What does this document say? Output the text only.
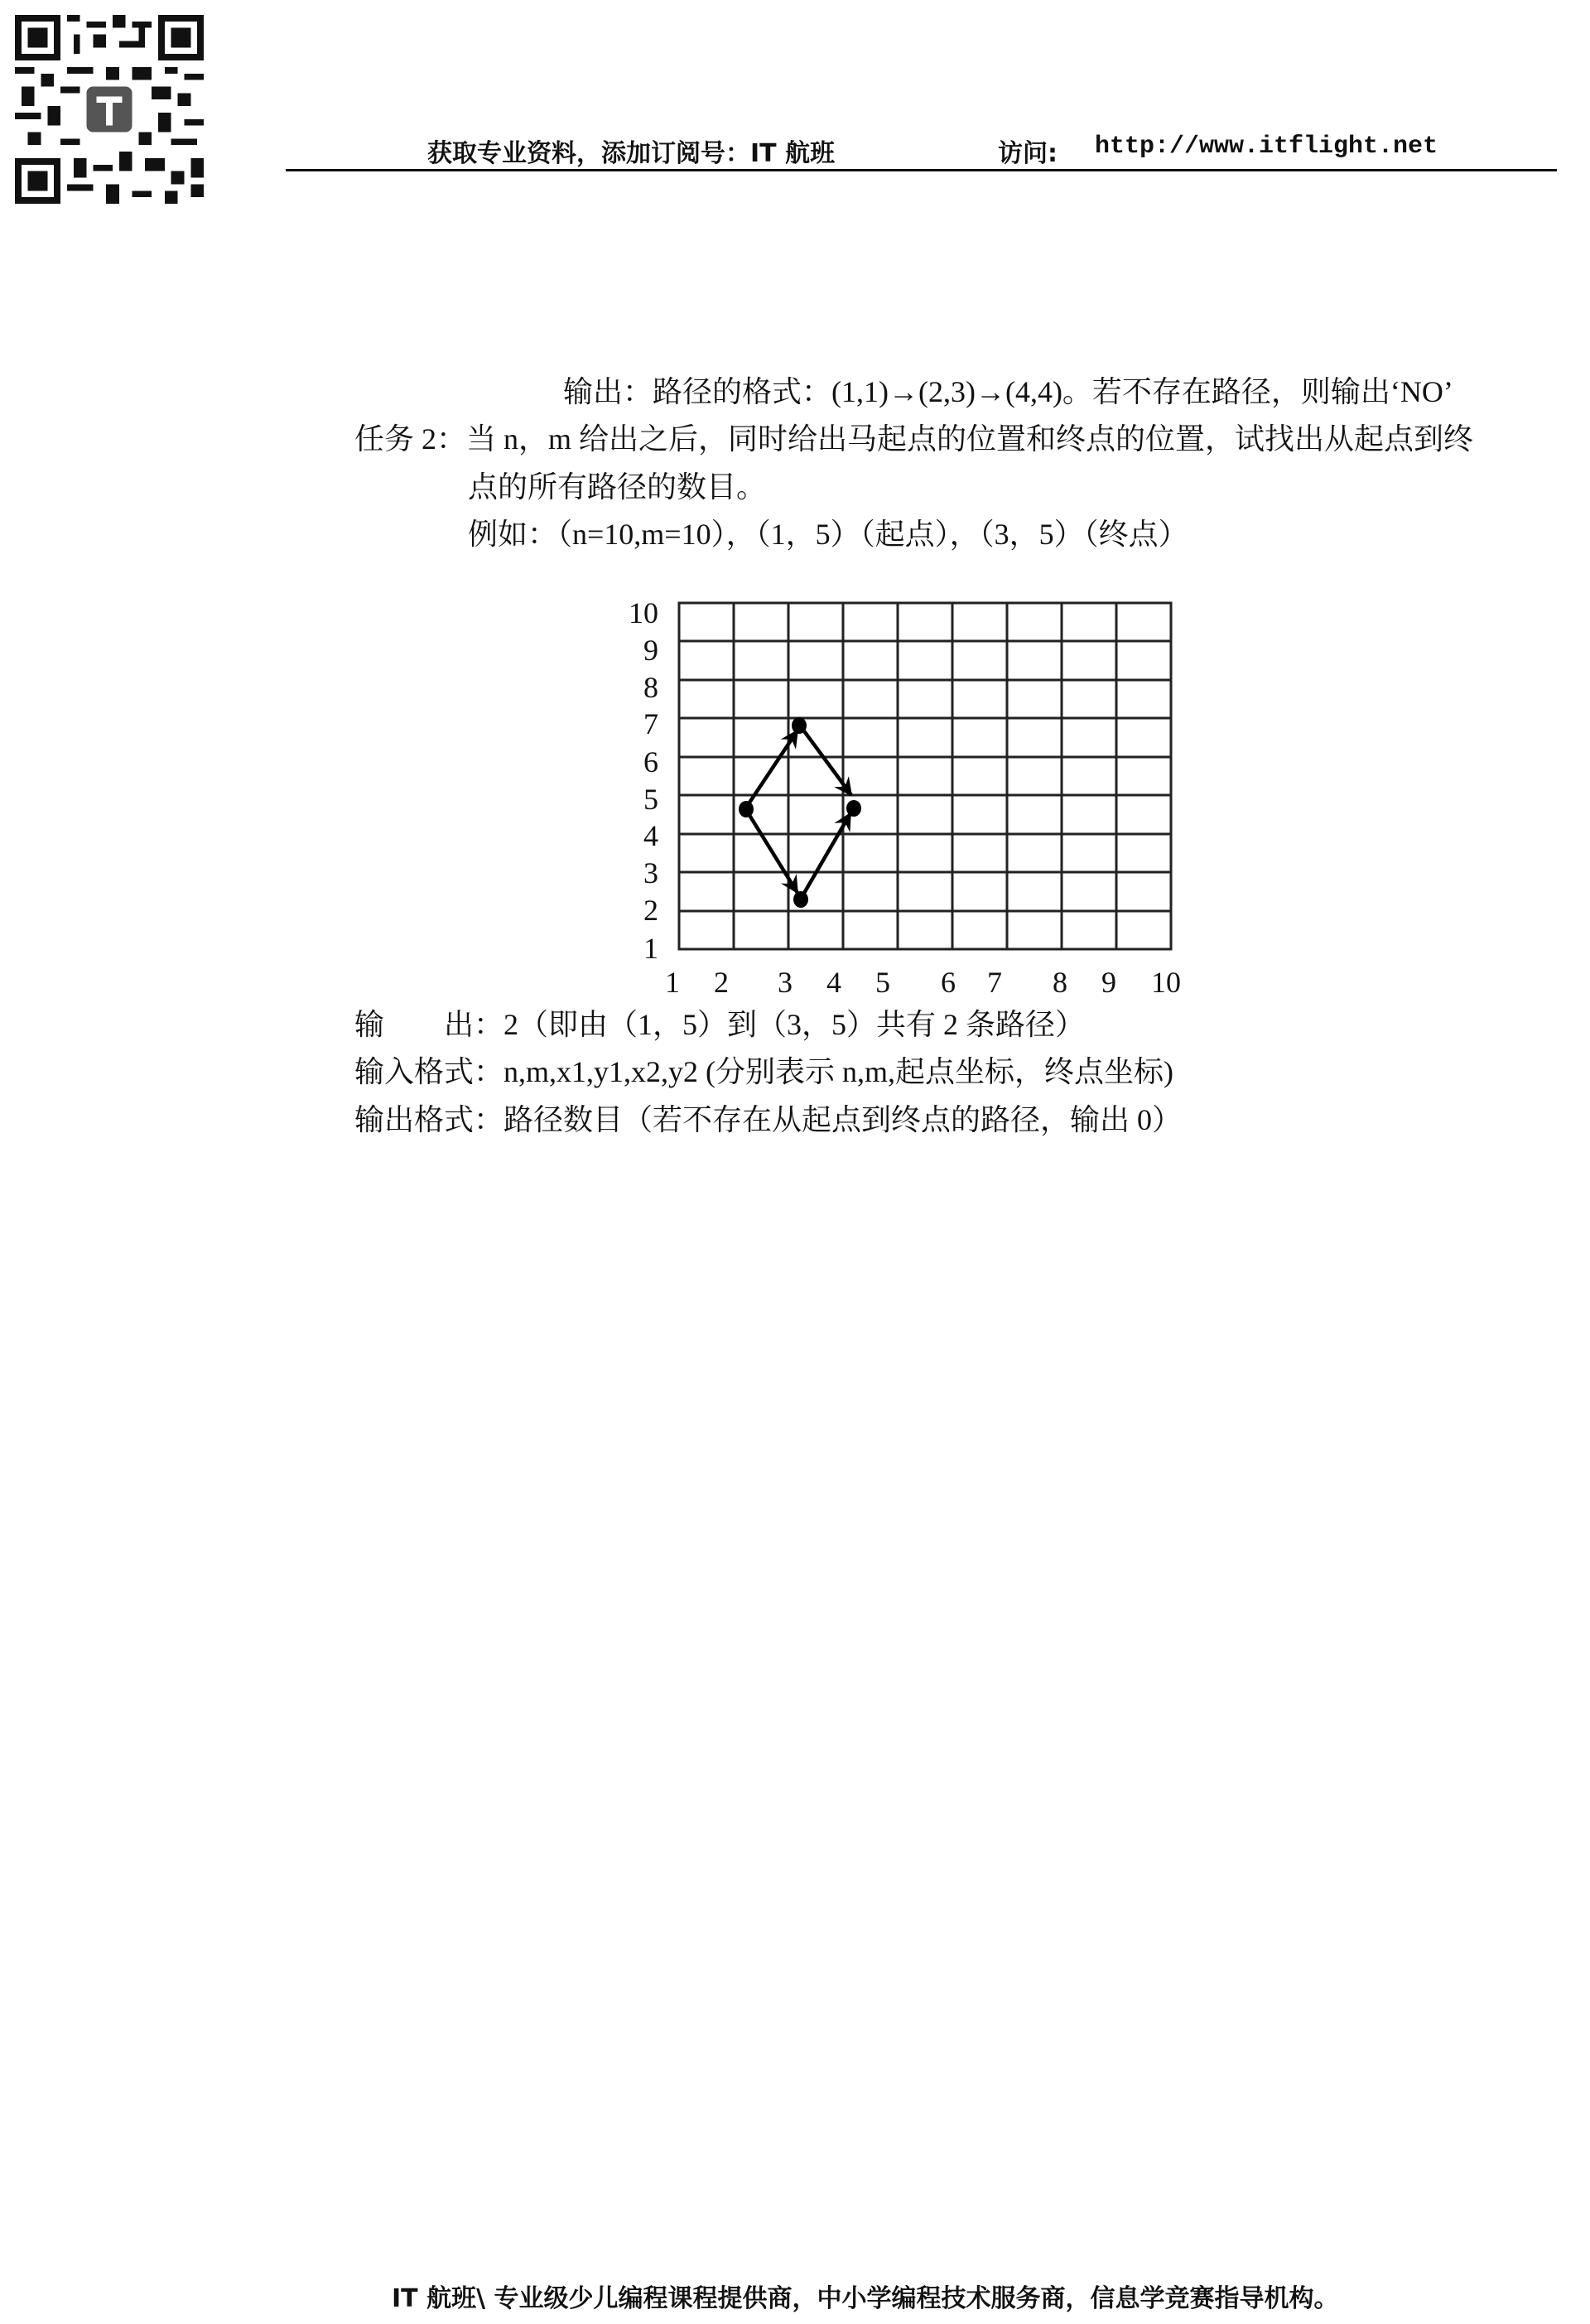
获取专业资料，添加订阅号：IT 航班	访问: http://www.itflight.net
输出：路径的格式：(1,1)→(2,3)→(4,4)。若不存在路径，则输出‘NO’
任务 2：当 n，m 给出之后，同时给出马起点的位置和终点的位置，试找出从起点到终
点的所有路径的数目。
例如：（n=10,m=10），（1，5）（起点），（3，5）（终点）
10
9
8
7
6
5
4
3
2
1
1 2 3 4 5 6 7 8 9 10
输　　出：2（即由（1，5）到（3，5）共有 2 条路径）
输入格式：n,m,x1,y1,x2,y2 (分别表示 n,m,起点坐标，终点坐标)
输出格式：路径数目（若不存在从起点到终点的路径，输出 0）
IT 航班\ 专业级少儿编程课程提供商，中小学编程技术服务商，信息学竞赛指导机构。
